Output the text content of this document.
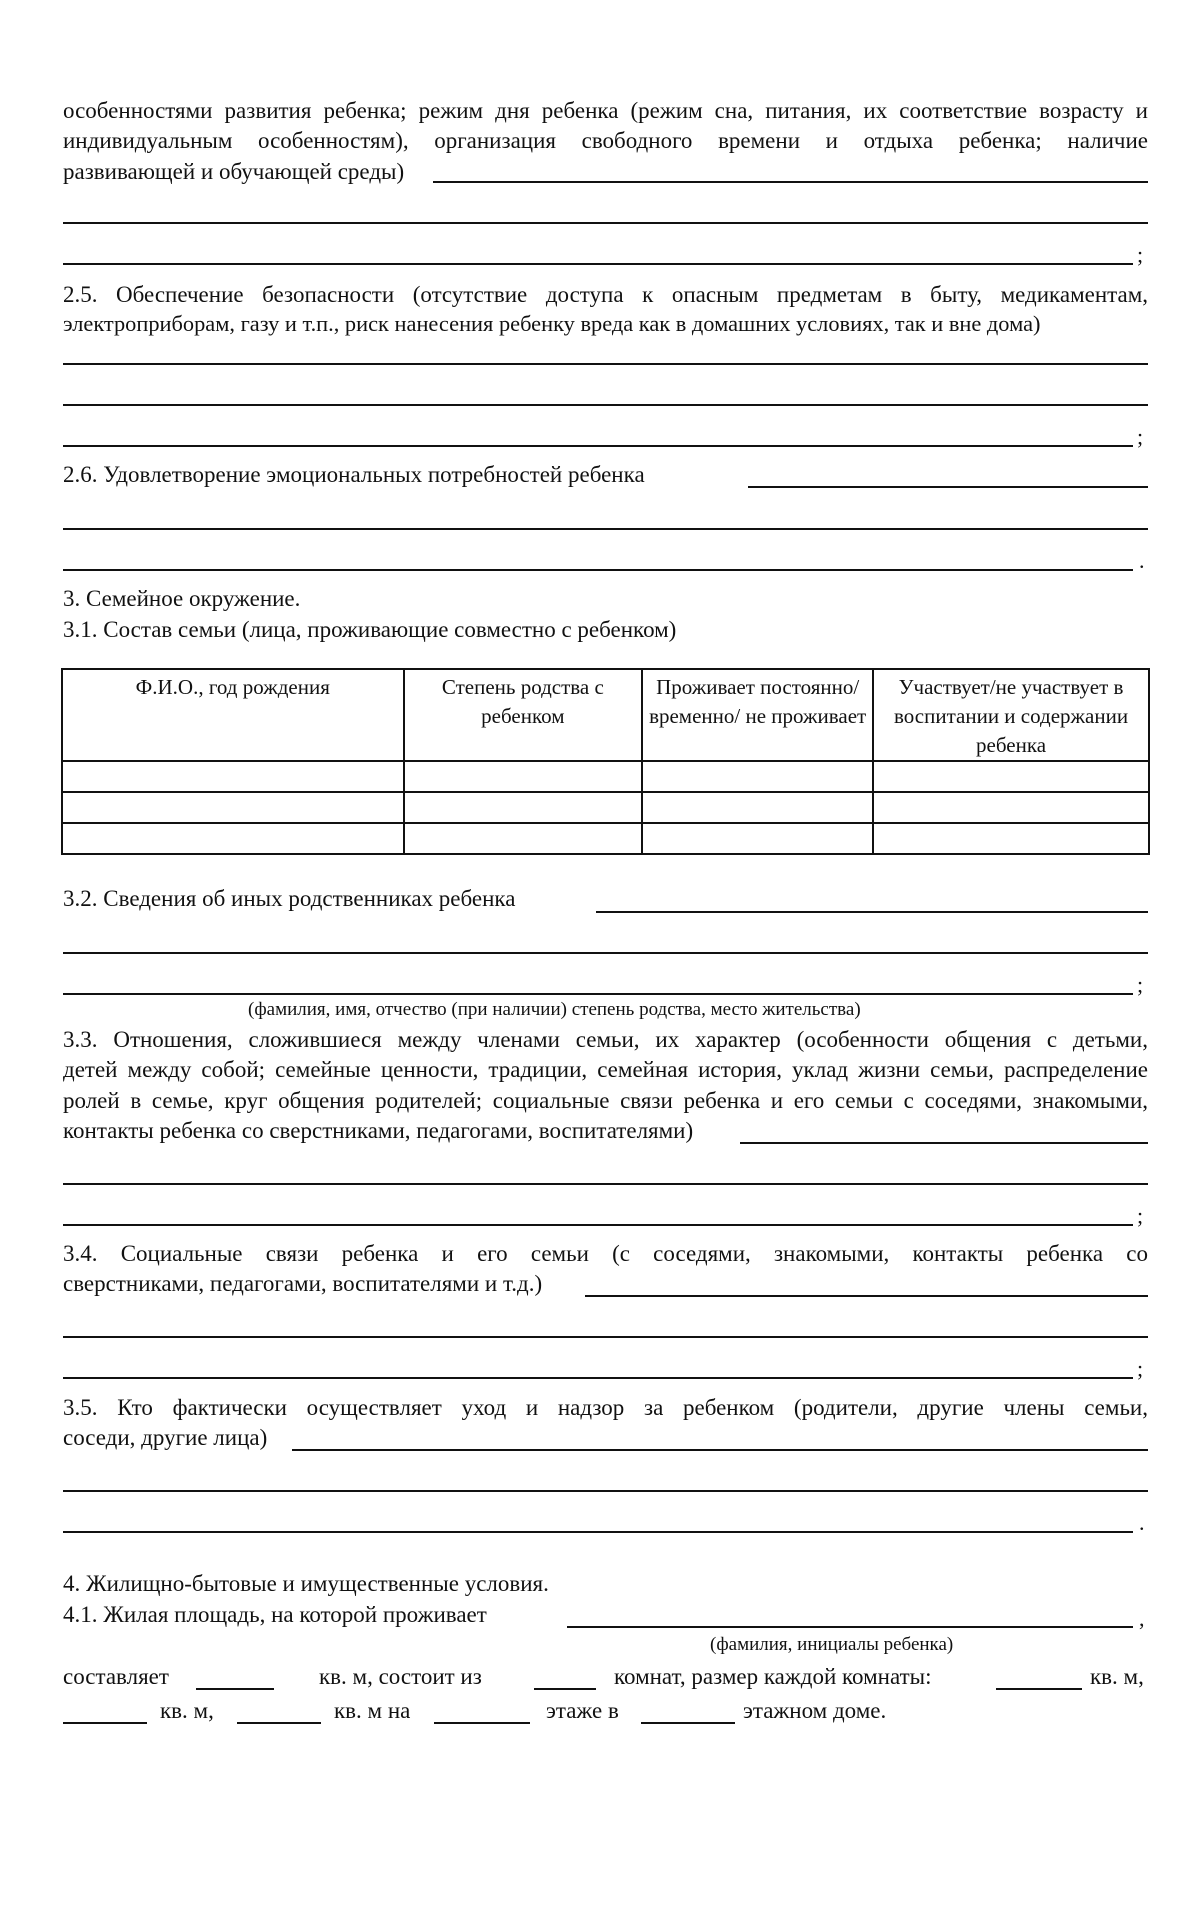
особенностями развития ребенка; режим дня ребенка (режим сна, питания, их соответствие возрасту и
индивидуальным особенностям), организация свободного времени и отдыха ребенка; наличие
развивающей и обучающей среды)
;
2.5. Обеспечение безопасности (отсутствие доступа к опасным предметам в быту, медикаментам,
электроприборам, газу и т.п., риск нанесения ребенку вреда как в домашних условиях, так и вне дома)
;
2.6. Удовлетворение эмоциональных потребностей ребенка
.
3. Семейное окружение.
3.1. Состав семьи (лица, проживающие совместно с ребенком)
Ф.И.О., год рождения	Степень родства с ребенком	Проживает постоянно/временно/ не проживает	Участвует/не участвует в воспитании и содержании ребенка

3.2. Сведения об иных родственниках ребенка
;
(фамилия, имя, отчество (при наличии) степень родства, место жительства)
3.3. Отношения, сложившиеся между членами семьи, их характер (особенности общения с детьми,
детей между собой; семейные ценности, традиции, семейная история, уклад жизни семьи, распределение
ролей в семье, круг общения родителей; социальные связи ребенка и его семьи с соседями, знакомыми,
контакты ребенка со сверстниками, педагогами, воспитателями)
;
3.4. Социальные связи ребенка и его семьи (с соседями, знакомыми, контакты ребенка со
сверстниками, педагогами, воспитателями и т.д.)
;
3.5. Кто фактически осуществляет уход и надзор за ребенком (родители, другие члены семьи,
соседи, другие лица)
.
4. Жилищно-бытовые и имущественные условия.
4.1. Жилая площадь, на которой проживает	,
(фамилия, инициалы ребенка)
составляет	кв. м, состоит из	комнат, размер каждой комнаты:	кв. м,
кв. м,	кв. м на	этаже в	этажном доме.
